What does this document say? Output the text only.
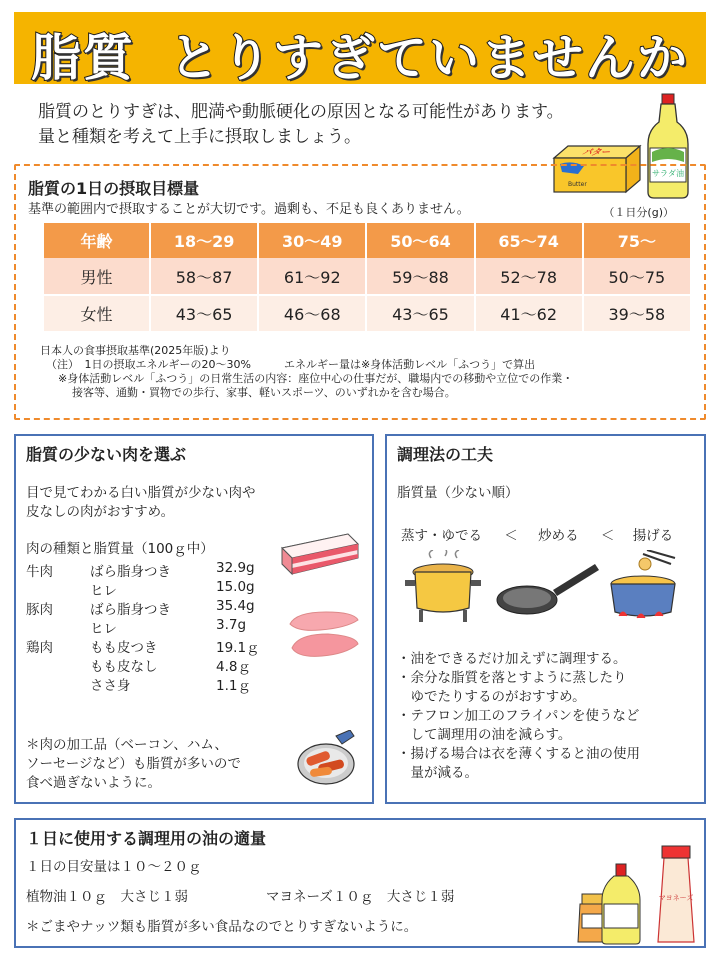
脂質 とりすぎていませんか
脂質のとりすぎは、肥満や動脈硬化の原因となる可能性があります。
量と種類を考えて上手に摂取しましょう。
サラダ油
バター
Butter
脂質の1日の摂取目標量
基準の範囲内で摂取することが大切です。過剰も、不足も良くありません。	（１日分(g)）
年齢	18～29	30～49	50～64	65～74	75～
男性	58～87	61～92	59～88	52～78	50～75
女性	43～65	46～68	43～65	41～62	39～58
日本人の食事摂取基準(2025年版)より
（注）　1日の摂取エネルギーの20～30%　　　エネルギー量は※身体活動レベル「ふつう」で算出
※身体活動レベル「ふつう」の日常生活の内容：座位中心の仕事だが、職場内での移動や立位での作業・
接客等、通勤・買物での歩行、家事、軽いスポーツ、のいずれかを含む場合。
脂質の少ない肉を選ぶ
目で見てわかる白い脂質が少ない肉や
皮なしの肉がおすすめ。
肉の種類と脂質量（100ｇ中）
牛肉	ばら脂身つき	32.9g
ヒレ	15.0g
豚肉	ばら脂身つき	35.4g
ヒレ	3.7g
鶏肉	もも皮つき	19.1ｇ
もも皮なし	4.8ｇ
ささ身	1.1ｇ
＊肉の加工品（ベーコン、ハム、
ソーセージなど）も脂質が多いので
食べ過ぎないように。
調理法の工夫
脂質量（少ない順）
蒸す・ゆでる ＜ 炒める ＜ 揚げる
・油をできるだけ加えずに調理する。
・余分な脂質を落とすように蒸したり
　ゆでたりするのがおすすめ。
・テフロン加工のフライパンを使うなど
　して調理用の油を減らす。
・揚げる場合は衣を薄くすると油の使用
　量が減る。
１日に使用する調理用の油の適量
１日の目安量は１０～２０ｇ
植物油１０ｇ　大さじ１弱	マヨネーズ１０ｇ　大さじ１弱
＊ごまやナッツ類も脂質が多い食品なのでとりすぎないように。
マヨネーズ
